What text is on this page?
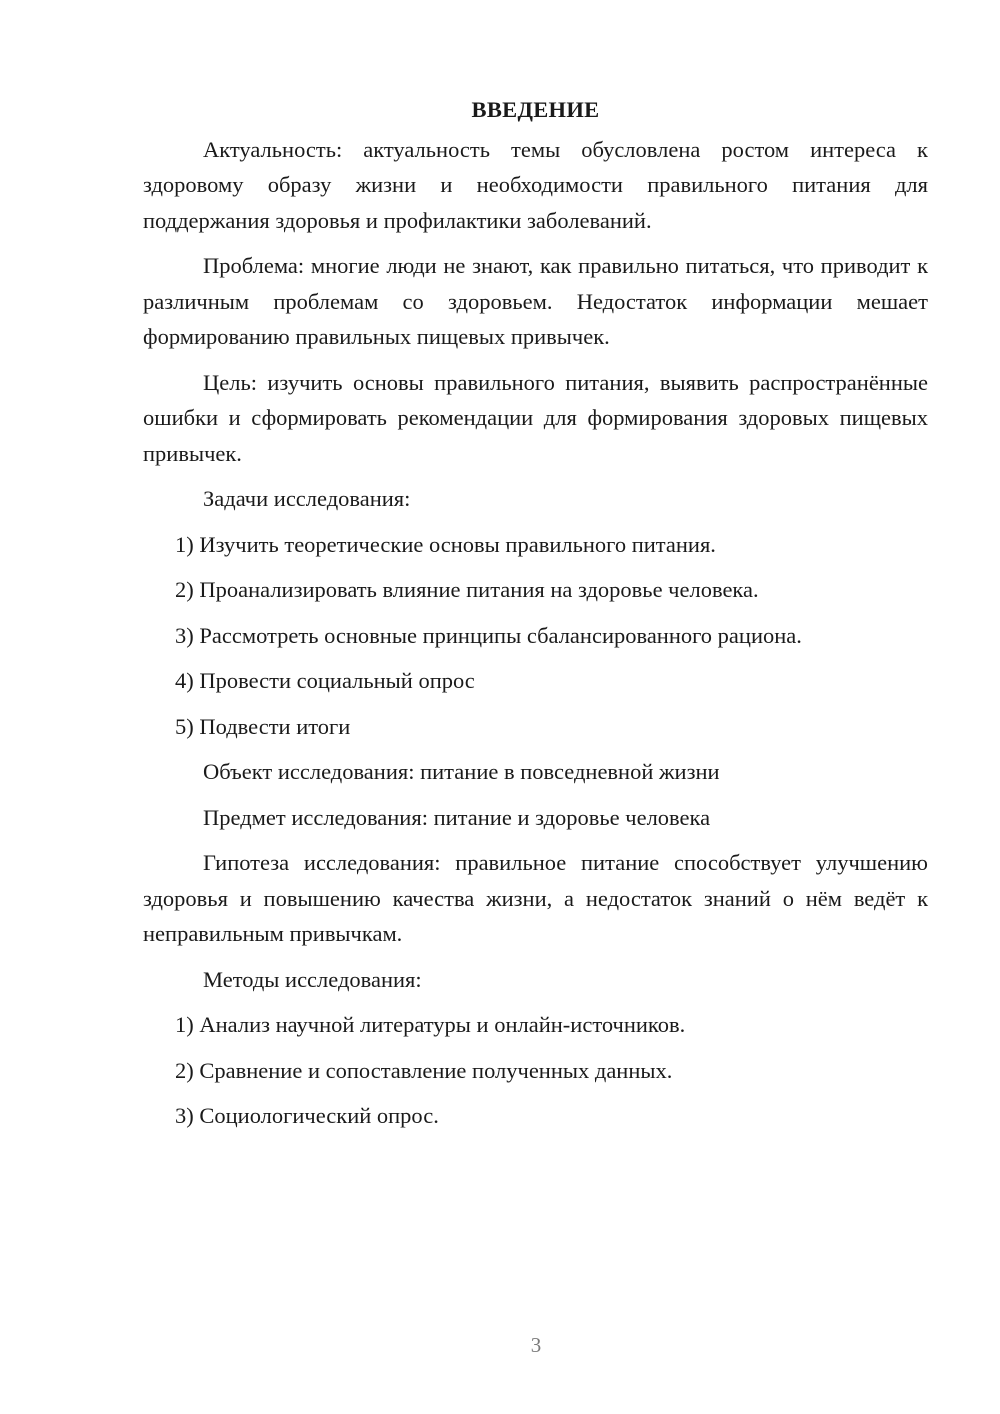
ВВЕДЕНИЕ

Актуальность: актуальность темы обусловлена ростом интереса к здоровому образу жизни и необходимости правильного питания для поддержания здоровья и профилактики заболеваний.

Проблема: многие люди не знают, как правильно питаться, что приводит к различным проблемам со здоровьем. Недостаток информации мешает формированию правильных пищевых привычек.

Цель: изучить основы правильного питания, выявить распространённые ошибки и сформировать рекомендации для формирования здоровых пищевых привычек.

Задачи исследования:
1) Изучить теоретические основы правильного питания.
2) Проанализировать влияние питания на здоровье человека.
3) Рассмотреть основные принципы сбалансированного рациона.
4) Провести социальный опрос
5) Подвести итоги
Объект исследования: питание в повседневной жизни
Предмет исследования: питание и здоровье человека

Гипотеза исследования: правильное питание способствует улучшению здоровья и повышению качества жизни, а недостаток знаний о нём ведёт к неправильным привычкам.

Методы исследования:
1) Анализ научной литературы и онлайн-источников.
2) Сравнение и сопоставление полученных данных.
3) Социологический опрос.
3
